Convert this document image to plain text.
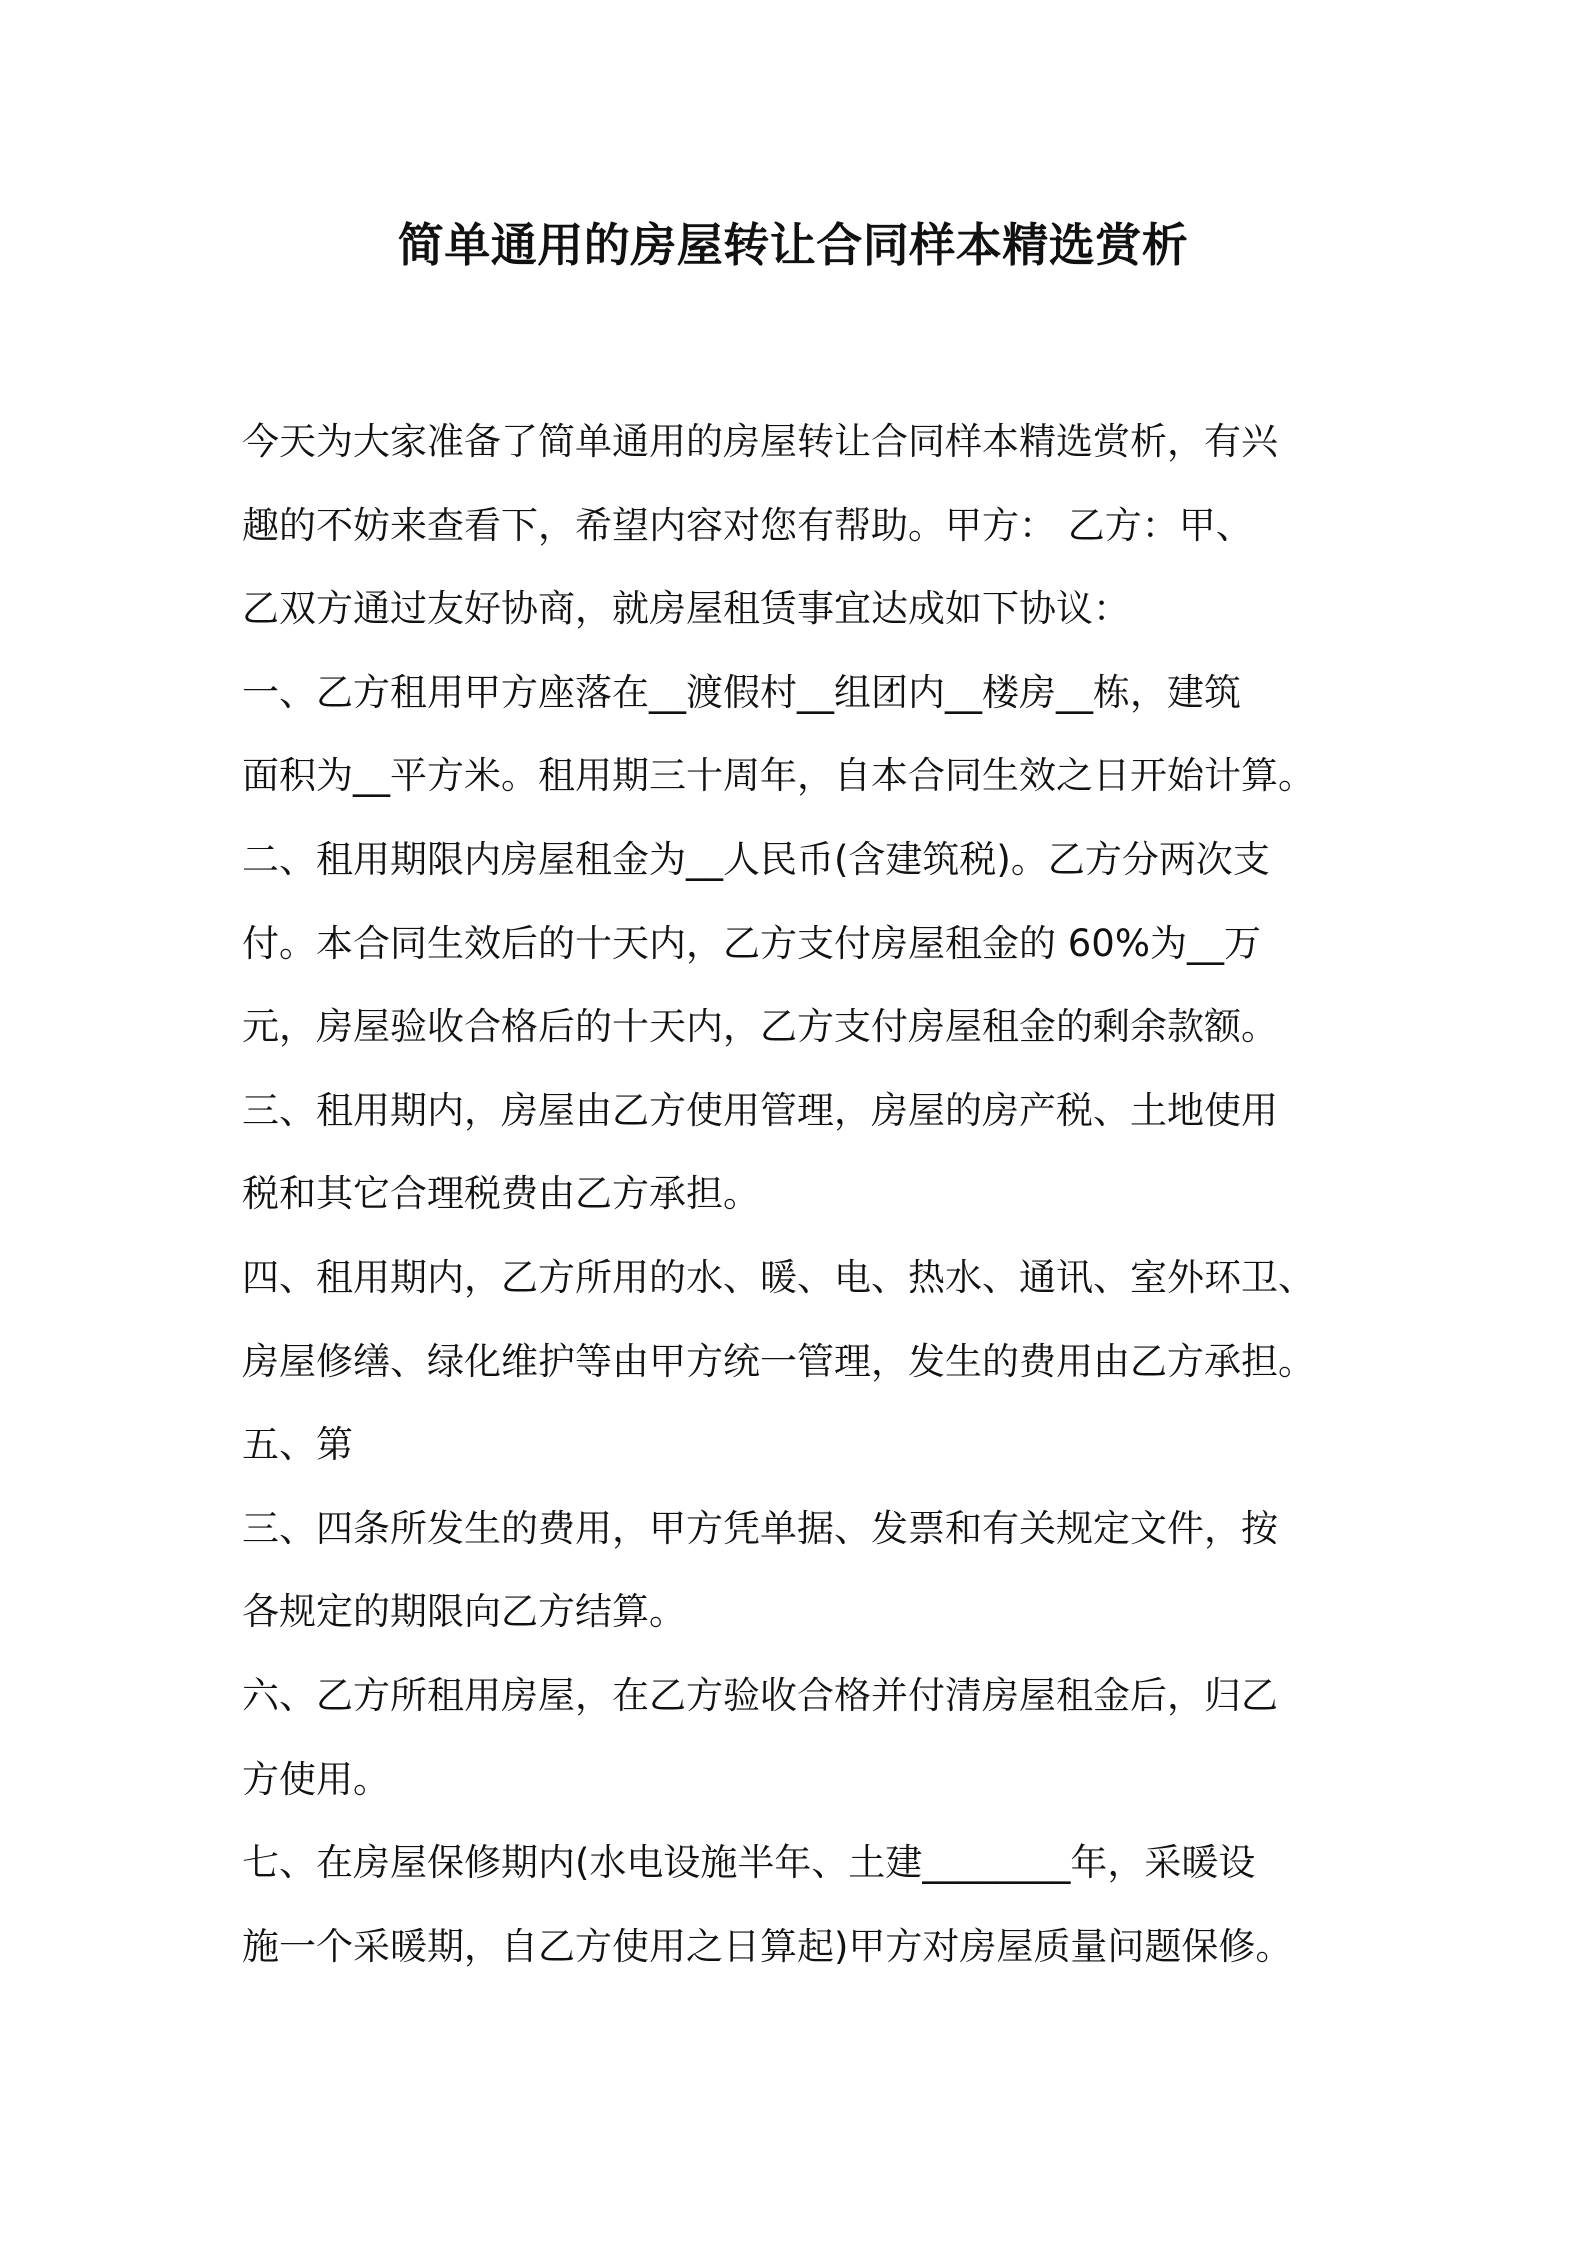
简单通用的房屋转让合同样本精选赏析
今天为大家准备了简单通用的房屋转让合同样本精选赏析，有兴
趣的不妨来查看下，希望内容对您有帮助。甲方： 乙方：甲、
乙双方通过友好协商，就房屋租赁事宜达成如下协议：
一、乙方租用甲方座落在__渡假村__组团内__楼房__栋，建筑
面积为__平方米。租用期三十周年，自本合同生效之日开始计算。
二、租用期限内房屋租金为__人民币(含建筑税)。乙方分两次支
付。本合同生效后的十天内，乙方支付房屋租金的 60%为__万
元，房屋验收合格后的十天内，乙方支付房屋租金的剩余款额。
三、租用期内，房屋由乙方使用管理，房屋的房产税、土地使用
税和其它合理税费由乙方承担。
四、租用期内，乙方所用的水、暖、电、热水、通讯、室外环卫、
房屋修缮、绿化维护等由甲方统一管理，发生的费用由乙方承担。
五、第
三、四条所发生的费用，甲方凭单据、发票和有关规定文件，按
各规定的期限向乙方结算。
六、乙方所租用房屋，在乙方验收合格并付清房屋租金后，归乙
方使用。
七、在房屋保修期内(水电设施半年、土建________年，采暖设
施一个采暖期，自乙方使用之日算起)甲方对房屋质量问题保修。
